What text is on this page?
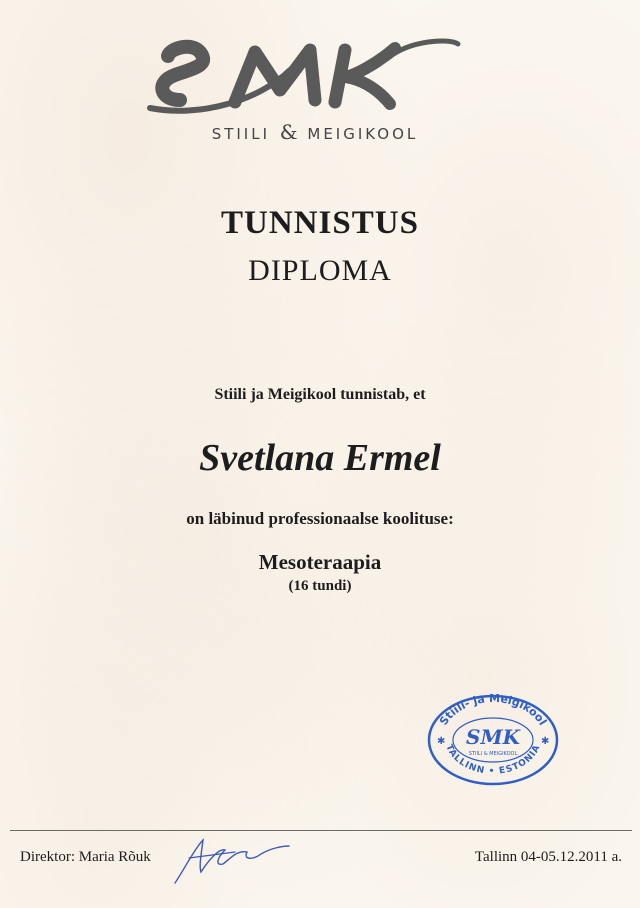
STIILI & MEIGIKOOL
TUNNISTUS
DIPLOMA
Stiili ja Meigikool tunnistab, et
Svetlana Ermel
on läbinud professionaalse koolituse:
Mesoteraapia
(16 tundi)
Stiili- ja Meigikool
TALLINN • ESTONIA
SMK
STIILI & MEIGIKOOL
✱	✱
Direktor: Maria Rõuk	Tallinn 04-05.12.2011 a.
